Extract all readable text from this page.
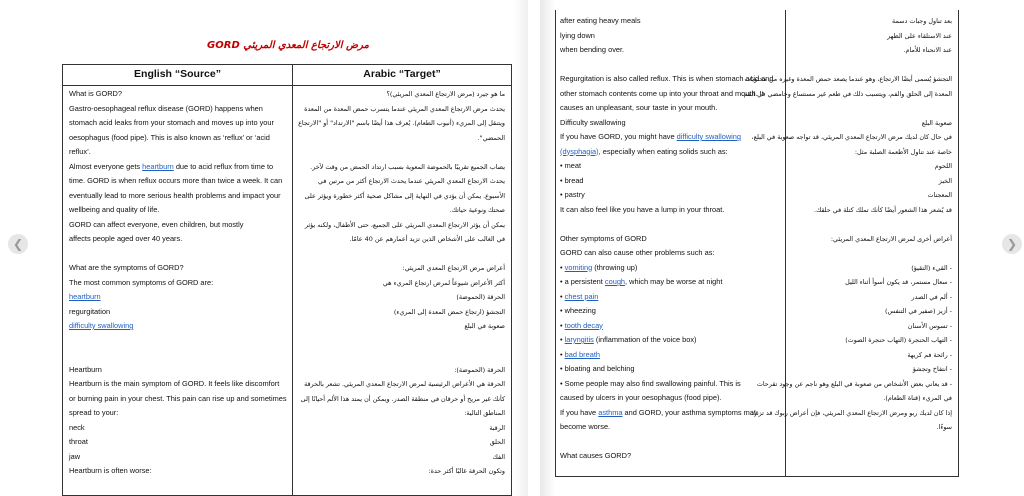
مرض الارتجاع المعدي المريئي GORD
English “Source”	Arabic “Target”
What is GORD?
Gastro-oesophageal reflux disease (GORD) happens when
stomach acid leaks from your stomach and moves up into your
oesophagus (food pipe). This is also known as ‘reflux’ or ‘acid
reflux’.
Almost everyone gets heartburn due to acid reflux from time to
time. GORD is when reflux occurs more than twice a week. It can
eventually lead to more serious health problems and impact your
wellbeing and quality of life.
GORD can affect everyone, even children, but mostly
affects people aged over 40 years.
What are the symptoms of GORD?
The most common symptoms of GORD are:
heartburn
regurgitation
difficulty swallowing
Heartburn
Heartburn is the main symptom of GORD. It feels like discomfort
or burning pain in your chest. This pain can rise up and sometimes
spread to your:
neck
throat
jaw
Heartburn is often worse:
ما هو جيرد (مرض الارتجاع المعدي المريئي)؟
يحدث مرض الارتجاع المعدي المريئي عندما يتسرب حمض المعدة من المعدة
ويتنقل إلى المريء (أنبوب الطعام). يُعرف هذا أيضًا باسم "الارتداد" أو "الارتجاع
الحمضي".
يصاب الجميع تقريبًا بالحموضة المعوية بسبب ارتداد الحمض من وقت لآخر.
يحدث الارتجاع المعدي المريئي عندما يحدث الارتجاع أكثر من مرتين في
الأسبوع. يمكن أن يؤدي في النهاية إلى مشاكل صحية أكثر خطورة ويؤثر على
صحتك ونوعية حياتك.
يمكن أن يؤثر الارتجاع المعدي المريئي على الجميع، حتى الأطفال، ولكنه يؤثر
في الغالب على الأشخاص الذين تزيد أعمارهم عن 40 عامًا.
أعراض مرض الارتجاع المعدي المريئي:
أكثر الأعراض شيوعاً لمرض ارتجاع المريء هي
الحرقة (الحموضة)
التجشؤ (ارتجاع حمض المعدة إلى المريء)
صعوبة في البلع
الحرقة (الحموضة):
الحرقة هي الأعراض الرئيسية لمرض الارتجاع المعدي المريئي. تشعر بالحرقة
كأنك غير مريح أو حرقان في منطقة الصدر. ويمكن أن يمتد هذا الألم أحيانًا إلى
المناطق التالية:
الرقبة
الحلق
الفك
وتكون الحرقة غالبًا أكثر حدة:
after eating heavy meals
lying down
when bending over.
Regurgitation is also called reflux. This is when stomach acid and
other stomach contents come up into your throat and mouth. It
causes an unpleasant, sour taste in your mouth.
Difficulty swallowing
If you have GORD, you might have difficulty swallowing
(dysphagia), especially when eating solids such as:
• meat
• bread
• pastry
It can also feel like you have a lump in your throat.
Other symptoms of GORD
GORD can also cause other problems such as:
• vomiting (throwing up)
• a persistent cough, which may be worse at night
• chest pain
• wheezing
• tooth decay
• laryngitis (inflammation of the voice box)
• bad breath
• bloating and belching
• Some people may also find swallowing painful. This is
caused by ulcers in your oesophagus (food pipe).
If you have asthma and GORD, your asthma symptoms may
become worse.
What causes GORD?
بعد تناول وجبات دسمة
عند الاستلقاء على الظهر
عند الانحناء للأمام.
التجشؤ يُسمى أيضًا الارتجاع، وهو عندما يصعد حمض المعدة وغيره من محتويات
المعدة إلى الحلق والفم، ويتسبب ذلك في طعم غير مستساغ وحامضي في الفم.
صعوبة البلع
في حال كان لديك مرض الارتجاع المعدي المريئي، قد تواجه صعوبة في البلع،
خاصة عند تناول الأطعمة الصلبة مثل:
اللحوم
الخبز
المعجنات
قد يُشعر هذا الشعور أيضًا كأنك تملك كتلة في حلقك.
أعراض أخرى لمرض الارتجاع المعدي المريئي:
- القيء (التقيؤ)
- سعال مستمر، قد يكون أسوأ أثناء الليل
- ألم في الصدر
- أزيز (صفير في التنفس)
- تسوس الأسنان
- التهاب الحنجرة (التهاب حنجرة الصوت)
- رائحة فم كريهة
- انتفاخ وتجشؤ
- قد يعاني بعض الأشخاص من صعوبة في البلع وهو ناجم عن وجود تقرحات
في المريء (قناة الطعام).
إذا كان لديك ربو ومرض الارتجاع المعدي المريئي، فإن أعراض ربوك قد تزداد
سوءًا.
❮	❯
